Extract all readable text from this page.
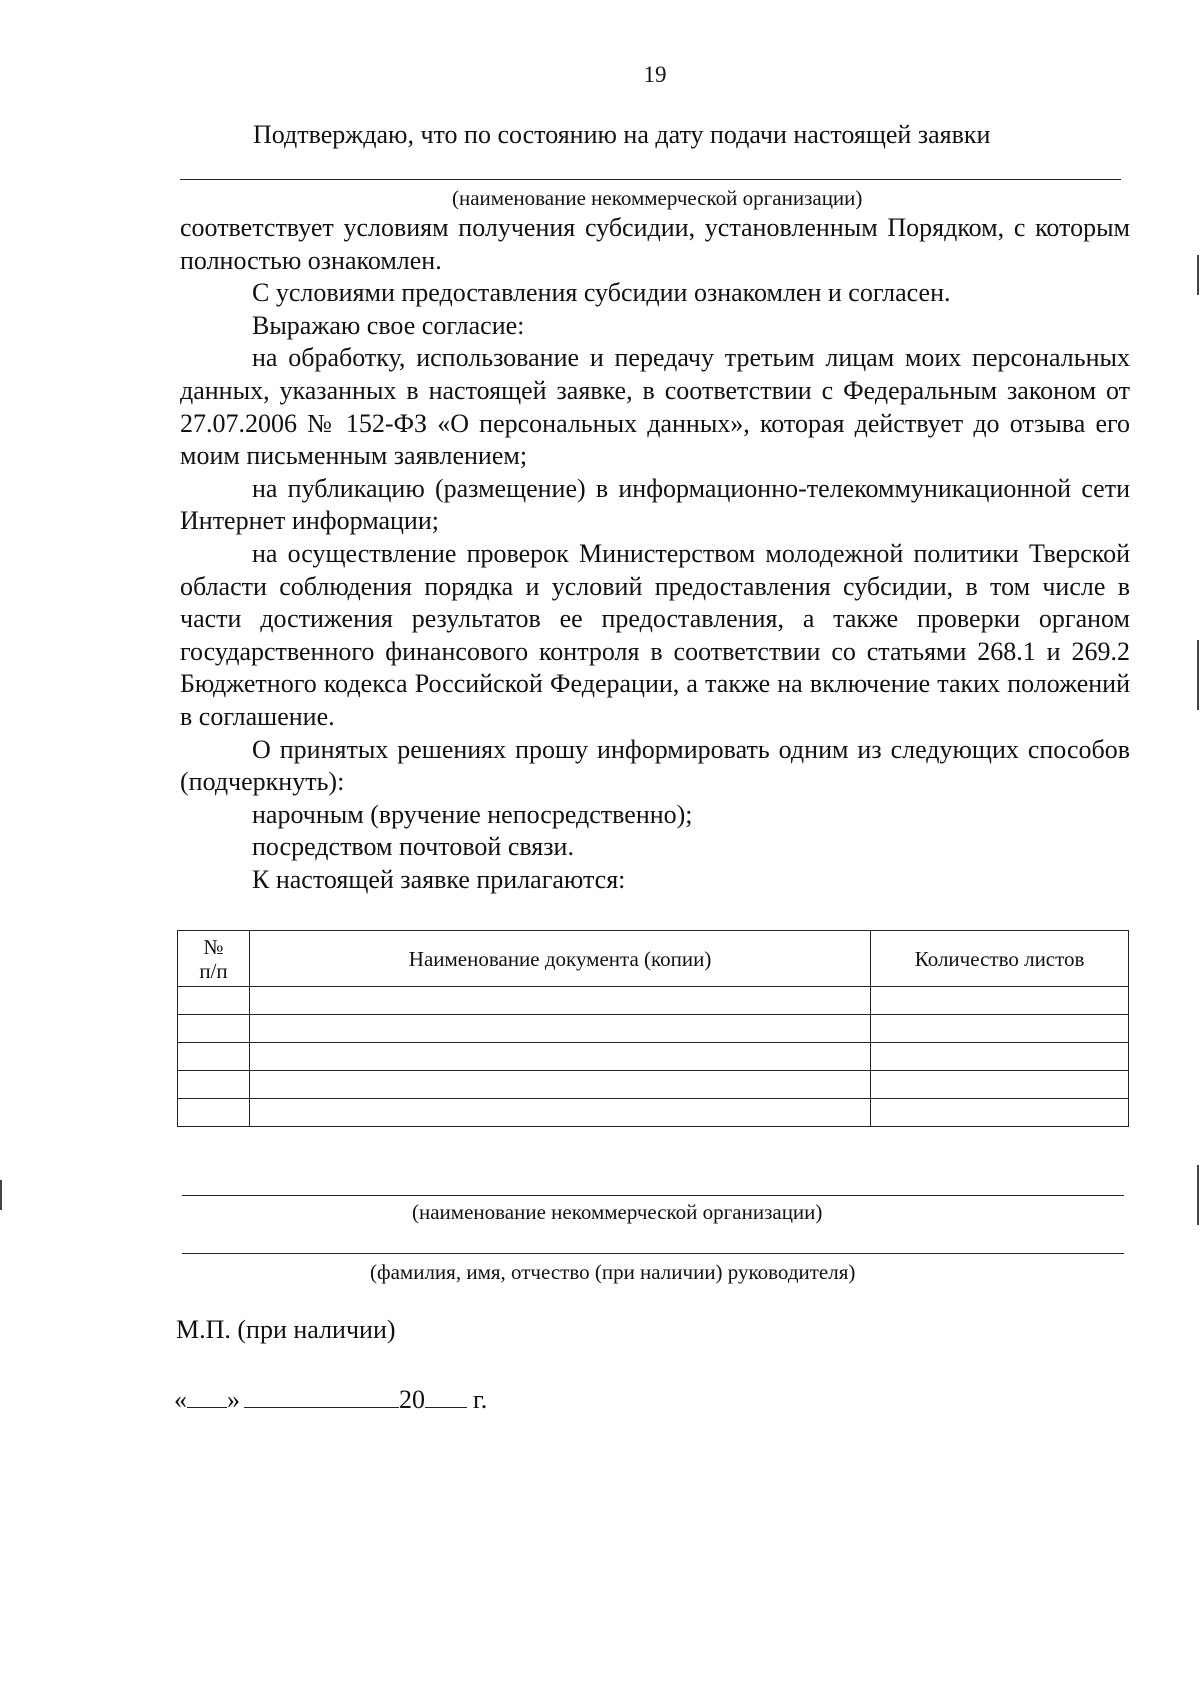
19
Подтверждаю, что по состоянию на дату подачи настоящей заявки
(наименование некоммерческой организации)

соответствует условиям получения субсидии, установленным Порядком, с которым полностью ознакомлен.

С условиями предоставления субсидии ознакомлен и согласен.

Выражаю свое согласие:

на обработку, использование и передачу третьим лицам моих персональных данных, указанных в настоящей заявке, в соответствии с Федеральным законом от 27.07.2006 № 152-ФЗ «О персональных данных», которая действует до отзыва его моим письменным заявлением;

на публикацию (размещение) в информационно-телекоммуникационной сети Интернет информации;

на осуществление проверок Министерством молодежной политики Тверской области соблюдения порядка и условий предоставления субсидии, в том числе в части достижения результатов ее предоставления, а также проверки органом государственного финансового контроля в соответствии со статьями 268.1 и 269.2 Бюджетного кодекса Российской Федерации, а также на включение таких положений в соглашение.

О принятых решениях прошу информировать одним из следующих способов (подчеркнуть):

нарочным (вручение непосредственно);

посредством почтовой связи.

К настоящей заявке прилагаются:

№ п/п	Наименование документа (копии)	Количество листов

(наименование некоммерческой организации)
(фамилия, имя, отчество (при наличии) руководителя)
М.П. (при наличии)
« »	20 г.
